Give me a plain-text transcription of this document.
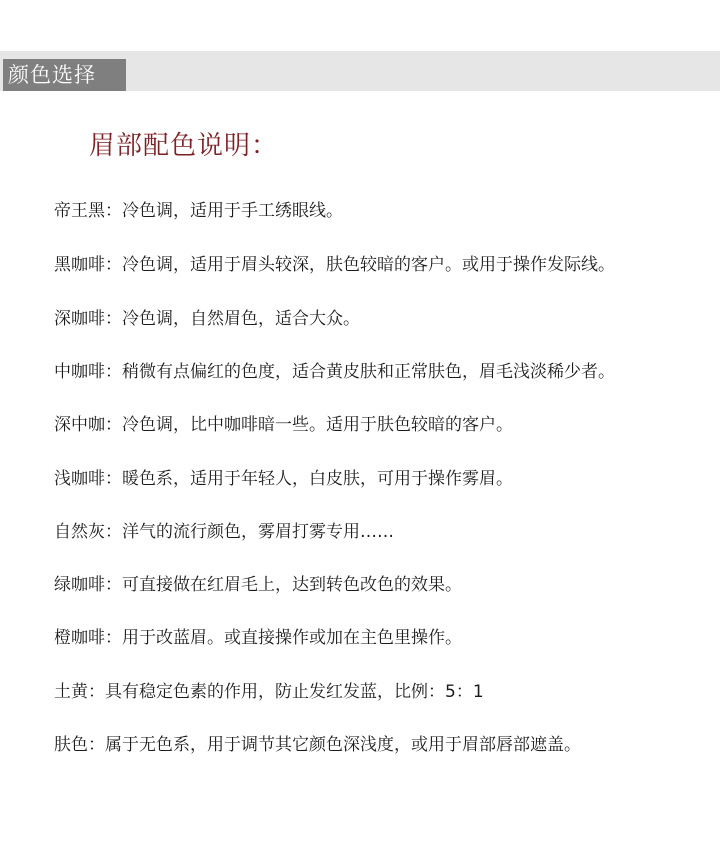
颜色选择
眉部配色说明：
帝王黑：冷色调，适用于手工绣眼线。
黑咖啡：冷色调，适用于眉头较深，肤色较暗的客户。或用于操作发际线。
深咖啡：冷色调，自然眉色，适合大众。
中咖啡：稍微有点偏红的色度，适合黄皮肤和正常肤色，眉毛浅淡稀少者。
深中咖：冷色调，比中咖啡暗一些。适用于肤色较暗的客户。
浅咖啡：暖色系，适用于年轻人，白皮肤，可用于操作雾眉。
自然灰：洋气的流行颜色，雾眉打雾专用……
绿咖啡：可直接做在红眉毛上，达到转色改色的效果。
橙咖啡：用于改蓝眉。或直接操作或加在主色里操作。
土黄：具有稳定色素的作用，防止发红发蓝，比例：5：1
肤色：属于无色系，用于调节其它颜色深浅度，或用于眉部唇部遮盖。
